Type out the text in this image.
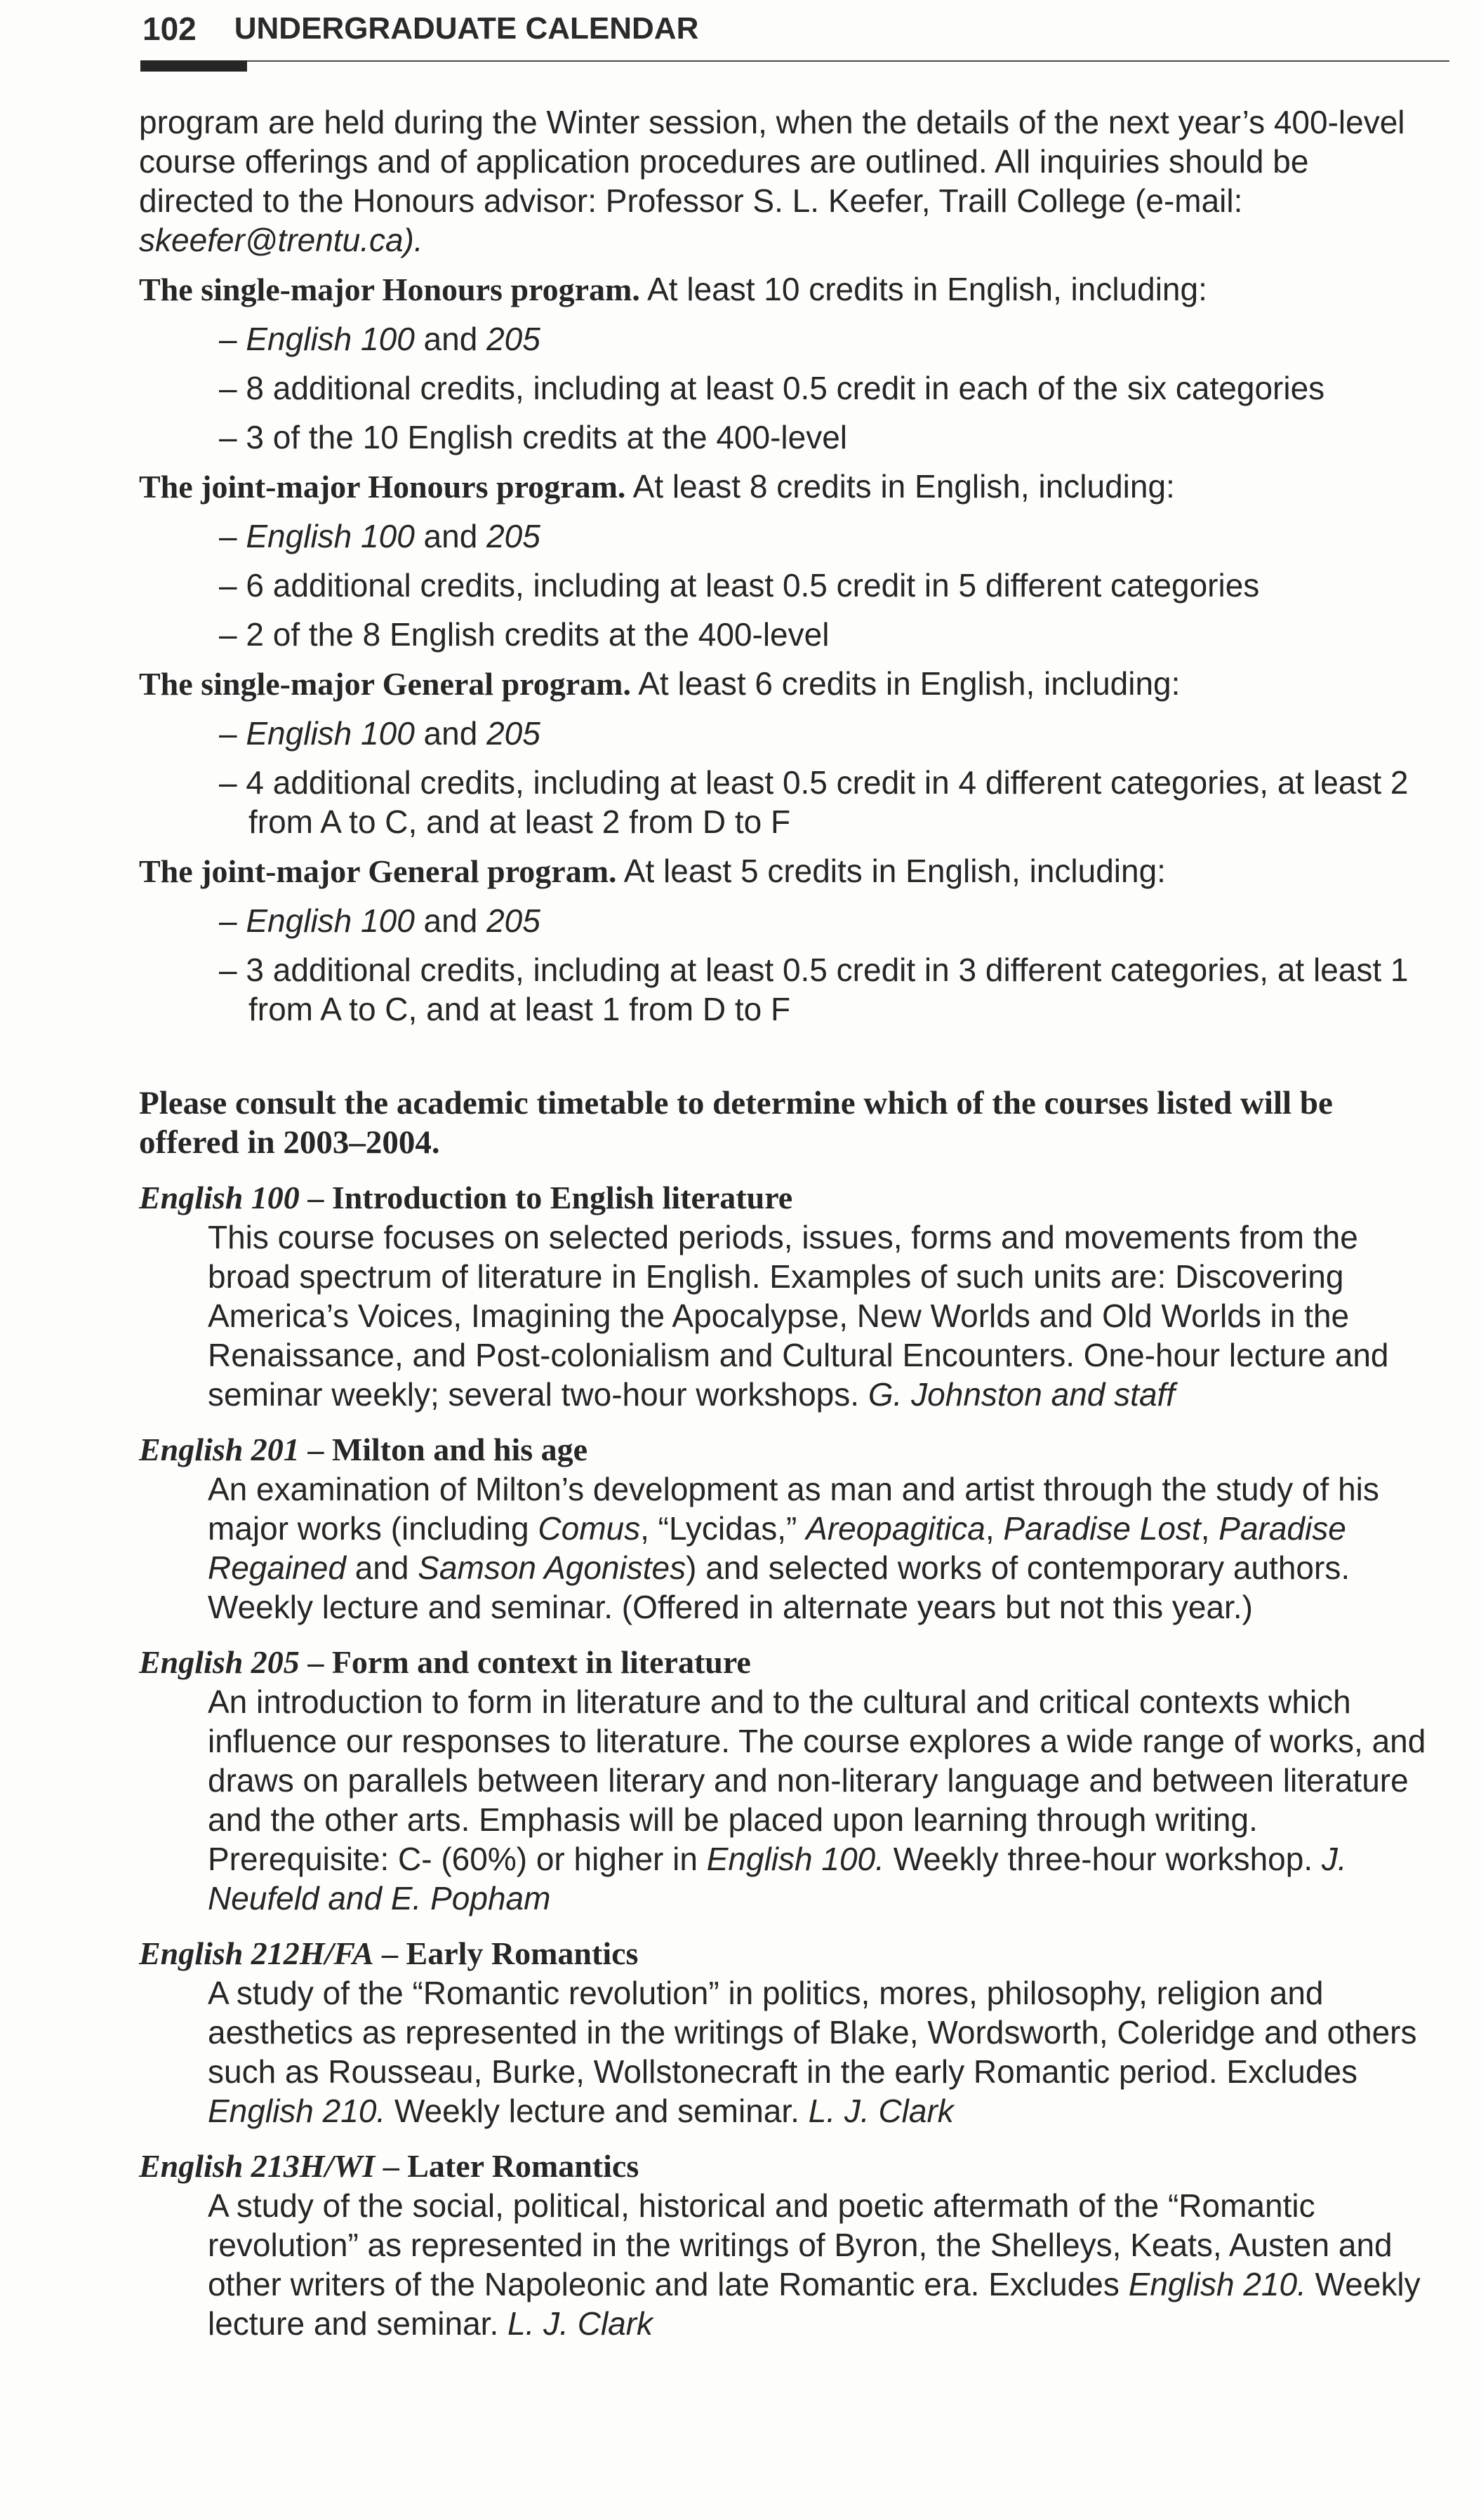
102 UNDERGRADUATE CALENDAR

program are held during the Winter session, when the details of the next year’s 400-level course offerings and of application procedures are outlined. All inquiries should be directed to the Honours advisor: Professor S. L. Keefer, Traill College (e-mail: skeefer@trentu.ca).

The single-major Honours program. At least 10 credits in English, including:
– English 100 and 205
– 8 additional credits, including at least 0.5 credit in each of the six categories
– 3 of the 10 English credits at the 400-level
The joint-major Honours program. At least 8 credits in English, including:
– English 100 and 205
– 6 additional credits, including at least 0.5 credit in 5 different categories
– 2 of the 8 English credits at the 400-level
The single-major General program. At least 6 credits in English, including:
– English 100 and 205
– 4 additional credits, including at least 0.5 credit in 4 different categories, at least 2 from A to C, and at least 2 from D to F
The joint-major General program. At least 5 credits in English, including:
– English 100 and 205
– 3 additional credits, including at least 0.5 credit in 3 different categories, at least 1 from A to C, and at least 1 from D to F
Please consult the academic timetable to determine which of the courses listed will be offered in 2003–2004.
English 100 – Introduction to English literature
This course focuses on selected periods, issues, forms and movements from the broad spectrum of literature in English. Examples of such units are: Discovering America’s Voices, Imagining the Apocalypse, New Worlds and Old Worlds in the Renaissance, and Post-colonialism and Cultural Encounters. One-hour lecture and seminar weekly; several two-hour workshops. G. Johnston and staff
English 201 – Milton and his age
An examination of Milton’s development as man and artist through the study of his major works (including Comus, “Lycidas,” Areopagitica, Paradise Lost, Paradise Regained and Samson Agonistes) and selected works of contemporary authors. Weekly lecture and seminar. (Offered in alternate years but not this year.)
English 205 – Form and context in literature
An introduction to form in literature and to the cultural and critical contexts which influence our responses to literature. The course explores a wide range of works, and draws on parallels between literary and non-literary language and between literature and the other arts. Emphasis will be placed upon learning through writing. Prerequisite: C- (60%) or higher in English 100. Weekly three-hour workshop. J. Neufeld and E. Popham
English 212H/FA – Early Romantics
A study of the “Romantic revolution” in politics, mores, philosophy, religion and aesthetics as represented in the writings of Blake, Wordsworth, Coleridge and others such as Rousseau, Burke, Wollstonecraft in the early Romantic period. Excludes English 210. Weekly lecture and seminar. L. J. Clark
English 213H/WI – Later Romantics
A study of the social, political, historical and poetic aftermath of the “Romantic revolution” as represented in the writings of Byron, the Shelleys, Keats, Austen and other writers of the Napoleonic and late Romantic era. Excludes English 210. Weekly lecture and seminar. L. J. Clark
